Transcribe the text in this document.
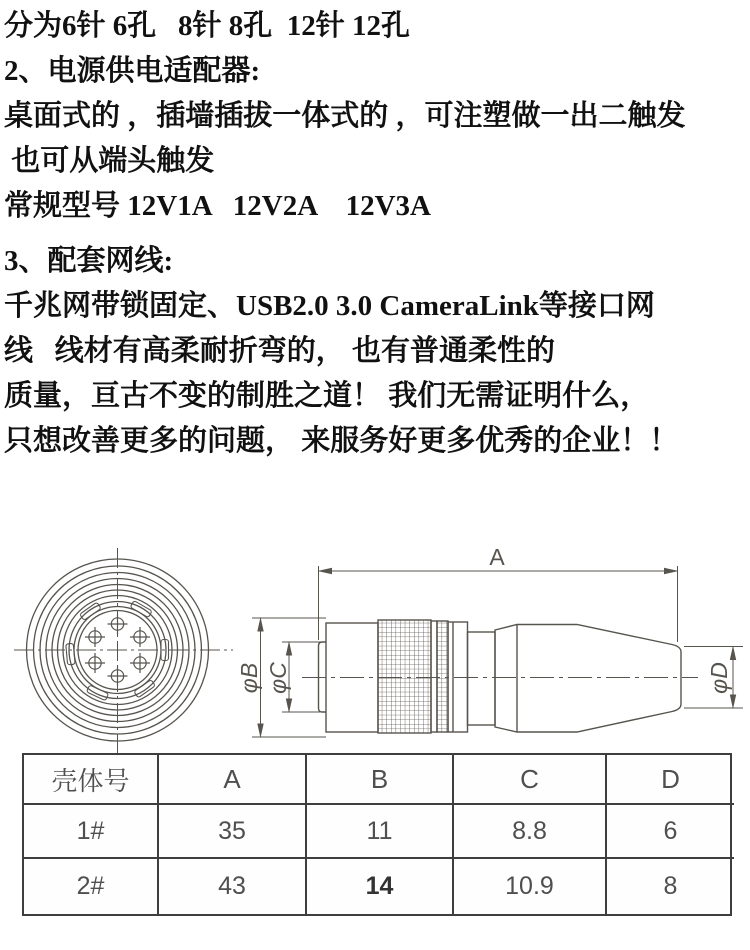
分为6针 6孔   8针 8孔  12针 12孔
2、电源供电适配器:
桌面式的 ，插墙插拔一体式的 ，可注塑做一出二触发
也可从端头触发
常规型号 12V1A   12V2A    12V3A
3、配套网线:
千兆网带锁固定、USB2.0 3.0 CameraLink等接口网
线   线材有高柔耐折弯的， 也有普通柔性的
质量，亘古不变的制胜之道！ 我们无需证明什么，
只想改善更多的问题， 来服务好更多优秀的企业！！
A
φB φC	φD
壳体号	A	B	C	D
1#	35	11	8.8	6
2#	43	14	10.9	8
